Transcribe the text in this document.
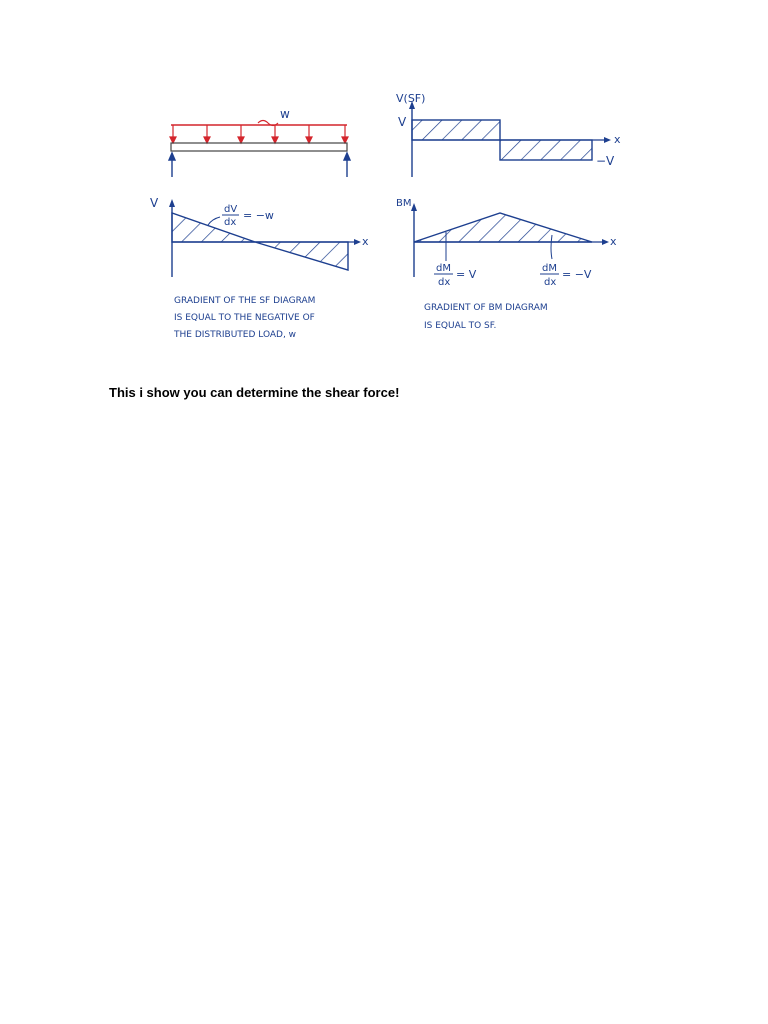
w
V(SF)
V
−V
x
V
x
dV
dx
= −w
GRADIENT OF THE SF DIAGRAM
IS EQUAL TO THE NEGATIVE OF
THE DISTRIBUTED LOAD, w
BM
x
dM
dx
= V	dM
dx
= −V
GRADIENT OF BM DIAGRAM
IS EQUAL TO SF.

This i show you can determine the shear force!
